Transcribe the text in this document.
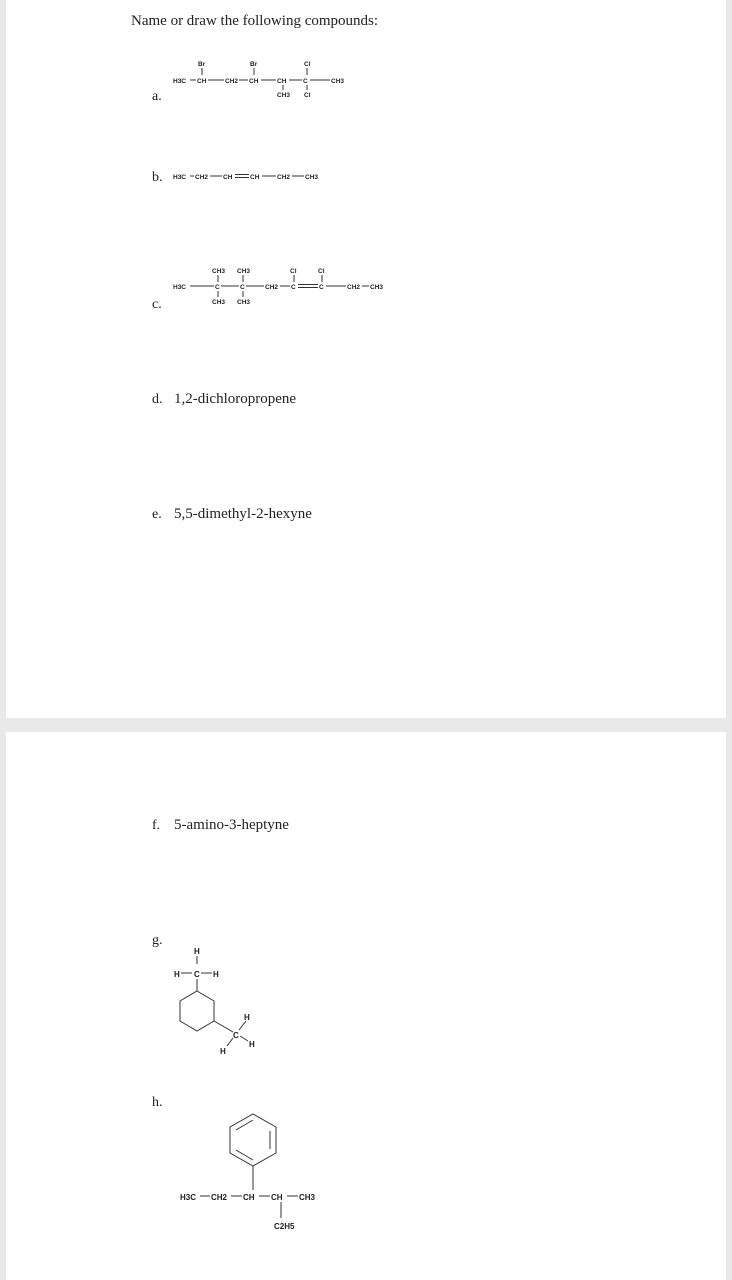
Name or draw the following compounds:
a.
Br	Br	Cl
H3C CH	CH2 CH	CH	C	CH3
CH3 Cl
b. H3C CH2 CH	CH	CH2 CH3
c.
CH3 CH3	Cl	Cl
H3C	C	C	CH2 C	C	CH2 CH3
CH3 CH3
d. 1,2-dichloropropene
e. 5,5-dimethyl-2-hexyne
f. 5-amino-3-heptyne
g.
H
H C H
C
H
H
H
h.
H3C CH2 CH CH CH3
C2H5
